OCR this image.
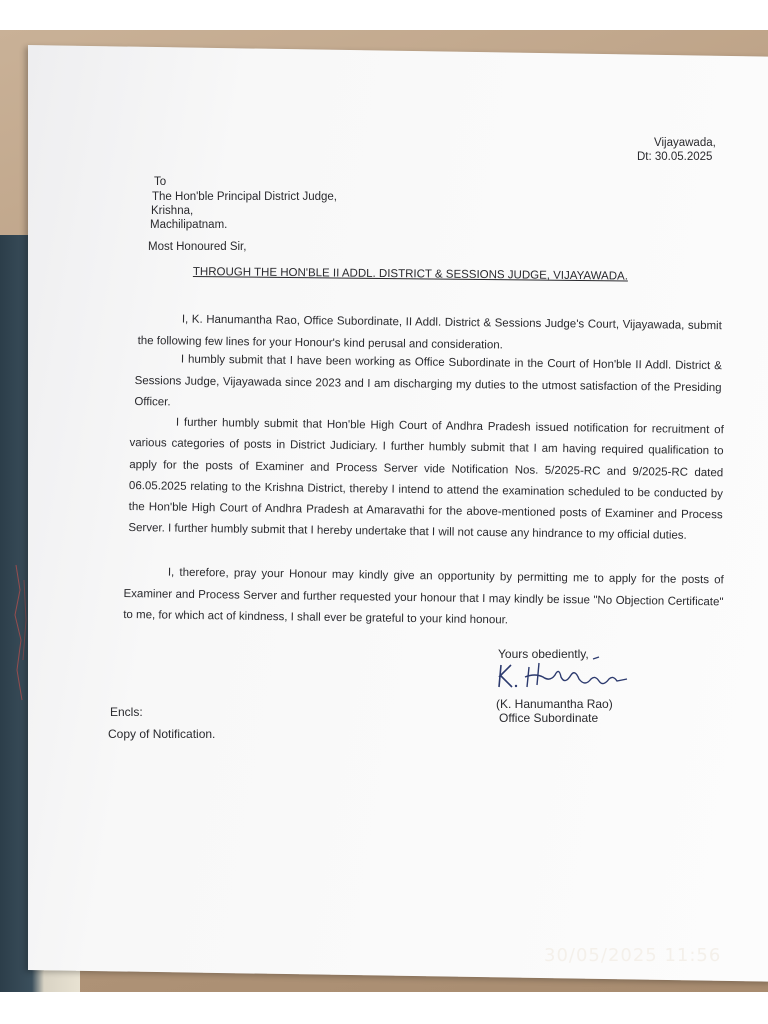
Vijayawada,
Dt: 30.05.2025
To
The Hon'ble Principal District Judge,
Krishna,
Machilipatnam.
Most Honoured Sir,
THROUGH THE HON'BLE II ADDL. DISTRICT & SESSIONS JUDGE, VIJAYAWADA.
I, K. Hanumantha Rao, Office Subordinate, II Addl. District & Sessions Judge's Court, Vijayawada, submit the following few lines for your Honour's kind perusal and consideration.
I humbly submit that I have been working as Office Subordinate in the Court of Hon'ble II Addl. District & Sessions Judge, Vijayawada since 2023 and I am discharging my duties to the utmost satisfaction of the Presiding Officer.
I further humbly submit that Hon'ble High Court of Andhra Pradesh issued notification for recruitment of various categories of posts in District Judiciary. I further humbly submit that I am having required qualification to apply for the posts of Examiner and Process Server vide Notification Nos. 5/2025-RC and 9/2025-RC dated 06.05.2025 relating to the Krishna District, thereby I intend to attend the examination scheduled to be conducted by the Hon'ble High Court of Andhra Pradesh at Amaravathi for the above-mentioned posts of Examiner and Process Server. I further humbly submit that I hereby undertake that I will not cause any hindrance to my official duties.
I, therefore, pray your Honour may kindly give an opportunity by permitting me to apply for the posts of Examiner and Process Server and further requested your honour that I may kindly be issue "No Objection Certificate" to me, for which act of kindness, I shall ever be grateful to your kind honour.
Yours obediently,
(K. Hanumantha Rao)
Office Subordinate
Encls:
Copy of Notification.
30/05/2025 11:56
